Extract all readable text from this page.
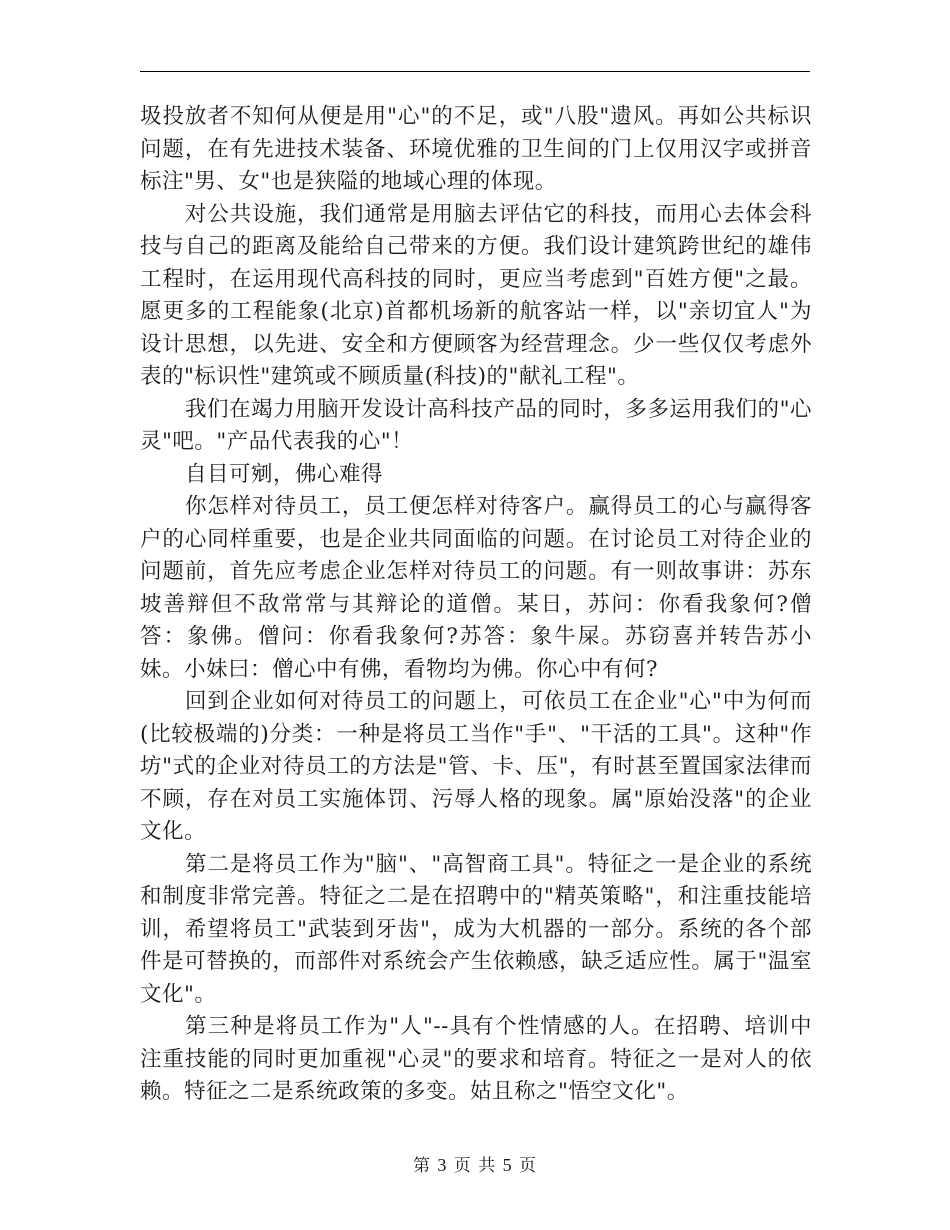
圾投放者不知何从便是用"心"的不足，或"八股"遗风。再如公共标识问题，在有先进技术装备、环境优雅的卫生间的门上仅用汉字或拼音标注"男、女"也是狭隘的地域心理的体现。

对公共设施，我们通常是用脑去评估它的科技，而用心去体会科技与自己的距离及能给自己带来的方便。我们设计建筑跨世纪的雄伟工程时，在运用现代高科技的同时，更应当考虑到"百姓方便"之最。愿更多的工程能象(北京)首都机场新的航客站一样，以"亲切宜人"为设计思想，以先进、安全和方便顾客为经营理念。少一些仅仅考虑外表的"标识性"建筑或不顾质量(科技)的"献礼工程"。

我们在竭力用脑开发设计高科技产品的同时，多多运用我们的"心灵"吧。"产品代表我的心"！

自目可剜，佛心难得

你怎样对待员工，员工便怎样对待客户。赢得员工的心与赢得客户的心同样重要，也是企业共同面临的问题。在讨论员工对待企业的问题前，首先应考虑企业怎样对待员工的问题。有一则故事讲：苏东坡善辩但不敌常常与其辩论的道僧。某日，苏问：你看我象何?僧答：象佛。僧问：你看我象何?苏答：象牛屎。苏窃喜并转告苏小妹。小妹曰：僧心中有佛，看物均为佛。你心中有何?

回到企业如何对待员工的问题上，可依员工在企业"心"中为何而(比较极端的)分类：一种是将员工当作"手"、"干活的工具"。这种"作坊"式的企业对待员工的方法是"管、卡、压"，有时甚至置国家法律而不顾，存在对员工实施体罚、污辱人格的现象。属"原始没落"的企业文化。

第二是将员工作为"脑"、"高智商工具"。特征之一是企业的系统和制度非常完善。特征之二是在招聘中的"精英策略"，和注重技能培训，希望将员工"武装到牙齿"，成为大机器的一部分。系统的各个部件是可替换的，而部件对系统会产生依赖感，缺乏适应性。属于"温室文化"。

第三种是将员工作为"人"--具有个性情感的人。在招聘、培训中注重技能的同时更加重视"心灵"的要求和培育。特征之一是对人的依赖。特征之二是系统政策的多变。姑且称之"悟空文化"。

第 3 页 共 5 页
